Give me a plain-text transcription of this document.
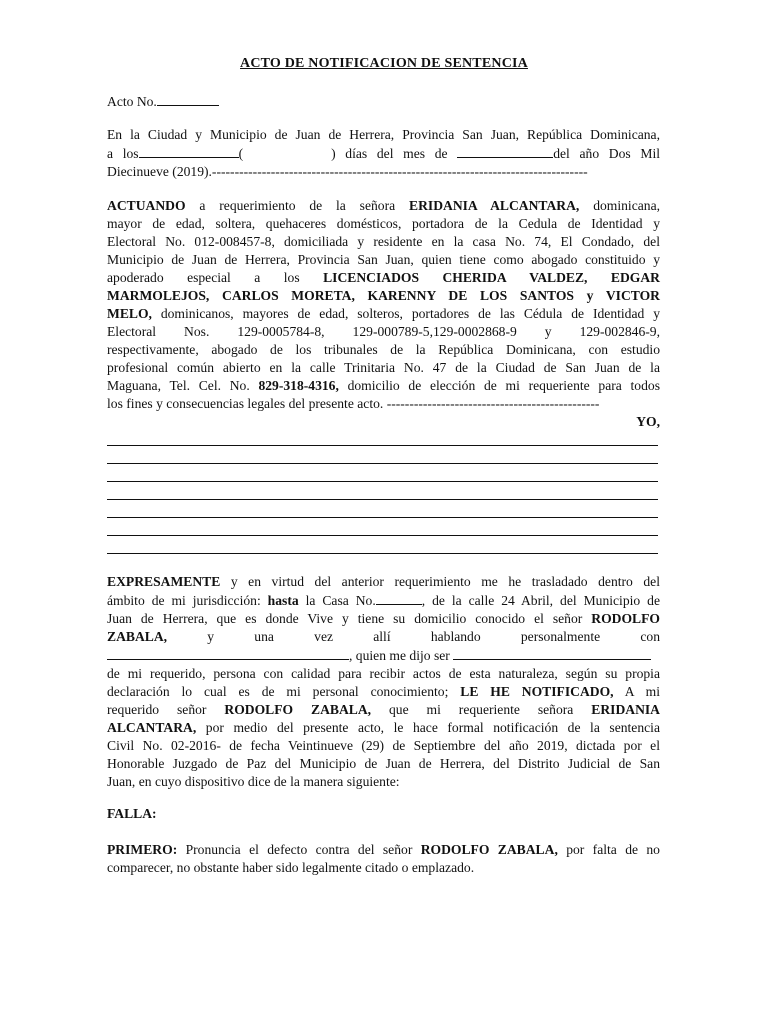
ACTO DE NOTIFICACION DE SENTENCIA

Acto No.

En la Ciudad y Municipio de Juan de Herrera, Provincia San Juan, República Dominicana,

a los	(	) días del mes de	del año Dos Mil

Diecinueve (2019).-----------------------------------------------------------------------------------

ACTUANDO a requerimiento de la señora ERIDANIA ALCANTARA, dominicana,

mayor de edad, soltera, quehaceres domésticos, portadora de la Cedula de Identidad y

Electoral No. 012-008457-8, domiciliada y residente en la casa No. 74, El Condado, del

Municipio de Juan de Herrera, Provincia San Juan, quien tiene como abogado constituido y

apoderado especial a los LICENCIADOS CHERIDA VALDEZ, EDGAR

MARMOLEJOS, CARLOS MORETA, KARENNY DE LOS SANTOS y VICTOR

MELO, dominicanos, mayores de edad, solteros, portadores de las Cédula de Identidad y

Electoral Nos. 129-0005784-8, 129-000789-5,129-0002868-9 y 129-002846-9,

respectivamente, abogado de los tribunales de la República Dominicana, con estudio

profesional común abierto en la calle Trinitaria No. 47 de la Ciudad de San Juan de la

Maguana, Tel. Cel. No. 829-318-4316, domicilio de elección de mi requeriente para todos

los fines y consecuencias legales del presente acto. -----------------------------------------------

YO,

EXPRESAMENTE y en virtud del anterior requerimiento me he trasladado dentro del

ámbito de mi jurisdicción: hasta la Casa No.	, de la calle 24 Abril, del Municipio de

Juan de Herrera, que es donde Vive y tiene su domicilio conocido el señor RODOLFO

ZABALA, y una vez allí hablando personalmente con

, quien me dijo ser

de mi requerido, persona con calidad para recibir actos de esta naturaleza, según su propia

declaración lo cual es de mi personal conocimiento; LE HE NOTIFICADO, A mi

requerido señor RODOLFO ZABALA, que mi requeriente señora ERIDANIA

ALCANTARA, por medio del presente acto, le hace formal notificación de la sentencia

Civil No. 02-2016- de fecha Veintinueve (29) de Septiembre del año 2019, dictada por el

Honorable Juzgado de Paz del Municipio de Juan de Herrera, del Distrito Judicial de San

Juan, en cuyo dispositivo dice de la manera siguiente:

FALLA:

PRIMERO: Pronuncia el defecto contra del señor RODOLFO ZABALA, por falta de no

comparecer, no obstante haber sido legalmente citado o emplazado.
